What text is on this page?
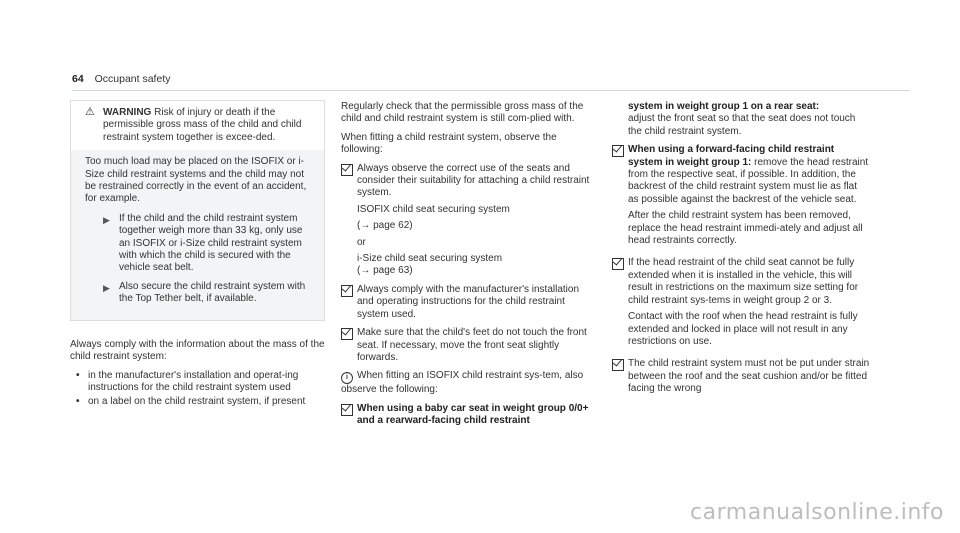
64 Occupant safety
⚠ WARNING Risk of injury or death if the permissible gross mass of the child and child restraint system together is excee-ded.

Too much load may be placed on the ISOFIX or i-Size child restraint systems and the child may not be restrained correctly in the event of an accident, for example.

▶ If the child and the child restraint system together weigh more than 33 kg, only use an ISOFIX or i-Size child restraint system with which the child is secured with the vehicle seat belt.
▶ Also secure the child restraint system with the Top Tether belt, if available.

Always comply with the information about the mass of the child restraint system:

• in the manufacturer's installation and operat-ing instructions for the child restraint system used
• on a label on the child restraint system, if present

Regularly check that the permissible gross mass of the child and child restraint system is still com-plied with.

When fitting a child restraint system, observe the following:

Always observe the correct use of the seats and consider their suitability for attaching a child restraint system.
ISOFIX child seat securing system
(→ page 62)
or
i-Size child seat securing system
(→ page 63)
Always comply with the manufacturer's installation and operating instructions for the child restraint system used.
Make sure that the child's feet do not touch the front seat. If necessary, move the front seat slightly forwards.

i When fitting an ISOFIX child restraint sys-tem, also observe the following:

When using a baby car seat in weight group 0/0+ and a rearward-facing child restraint
system in weight group 1 on a rear seat:

adjust the front seat so that the seat does not touch the child restraint system.

When using a forward-facing child restraint system in weight group 1: remove the head restraint from the respective seat, if possible. In addition, the backrest of the child restraint system must lie as flat as possible against the backrest of the vehicle seat.
After the child restraint system has been removed, replace the head restraint immedi-ately and adjust all head restraints correctly.
If the head restraint of the child seat cannot be fully extended when it is installed in the vehicle, this will result in restrictions on the maximum size setting for child restraint sys-tems in weight group 2 or 3.
Contact with the roof when the head restraint is fully extended and locked in place will not result in any restrictions on use.
The child restraint system must not be put under strain between the roof and the seat cushion and/or be fitted facing the wrong
carmanualsonline.info
